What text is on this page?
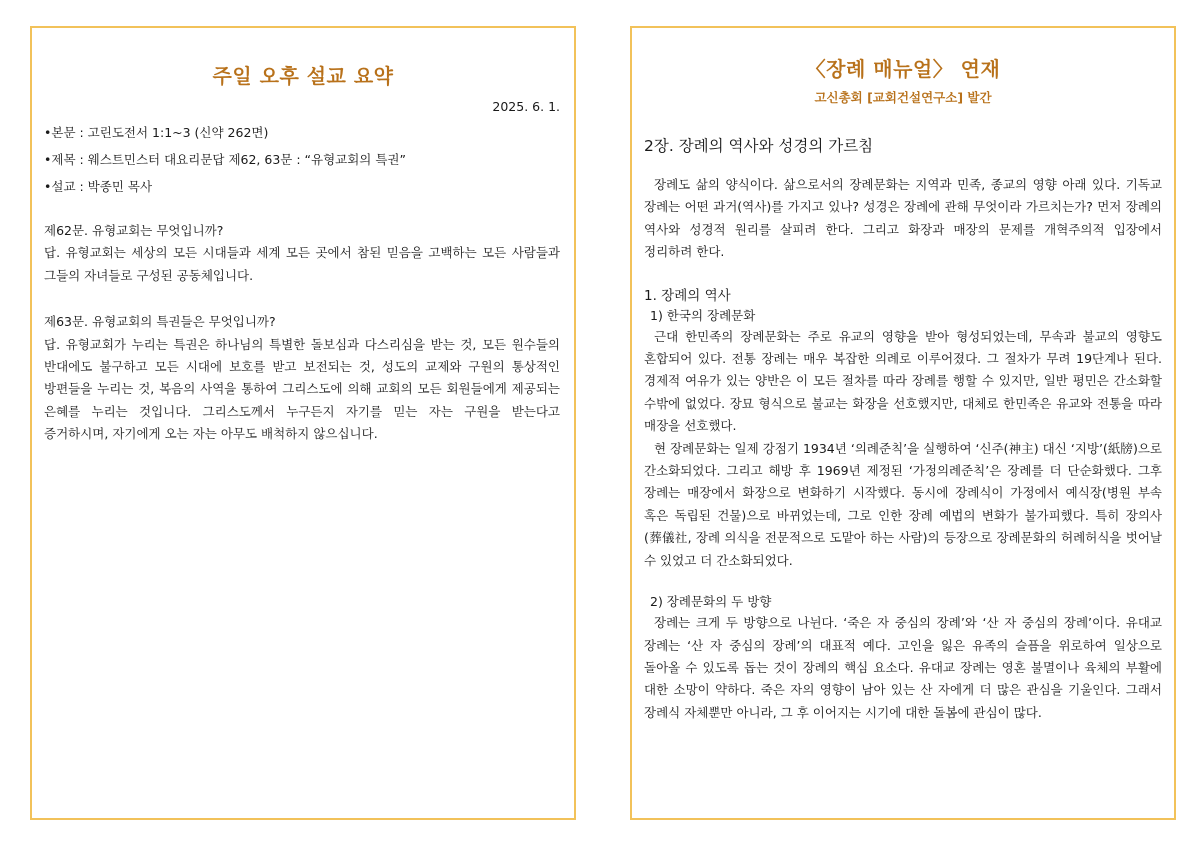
주일 오후 설교 요약
2025. 6. 1.
•본문 : 고린도전서 1:1~3 (신약 262면)
•제목 : 웨스트민스터 대요리문답 제62, 63문 : “유형교회의 특권”
•설교 : 박종민 목사

제62문. 유형교회는 무엇입니까?

답. 유형교회는 세상의 모든 시대들과 세계 모든 곳에서 참된 믿음을 고백하는 모든 사람들과 그들의 자녀들로 구성된 공동체입니다.

제63문. 유형교회의 특권들은 무엇입니까?

답. 유형교회가 누리는 특권은 하나님의 특별한 돌보심과 다스리심을 받는 것, 모든 원수들의 반대에도 불구하고 모든 시대에 보호를 받고 보전되는 것, 성도의 교제와 구원의 통상적인 방편들을 누리는 것, 복음의 사역을 통하여 그리스도에 의해 교회의 모든 회원들에게 제공되는 은혜를 누리는 것입니다. 그리스도께서 누구든지 자기를 믿는 자는 구원을 받는다고 증거하시며, 자기에게 오는 자는 아무도 배척하지 않으십니다.

〈장례 매뉴얼〉 연재
고신총회 [교회건설연구소] 발간
2장. 장례의 역사와 성경의 가르침

장례도 삶의 양식이다. 삶으로서의 장례문화는 지역과 민족, 종교의 영향 아래 있다. 기독교 장례는 어떤 과거(역사)를 가지고 있나? 성경은 장례에 관해 무엇이라 가르치는가? 먼저 장례의 역사와 성경적 원리를 살피려 한다. 그리고 화장과 매장의 문제를 개혁주의적 입장에서 정리하려 한다.

1. 장례의 역사
1) 한국의 장례문화

근대 한민족의 장례문화는 주로 유교의 영향을 받아 형성되었는데, 무속과 불교의 영향도 혼합되어 있다. 전통 장례는 매우 복잡한 의례로 이루어졌다. 그 절차가 무려 19단계나 된다. 경제적 여유가 있는 양반은 이 모든 절차를 따라 장례를 행할 수 있지만, 일반 평민은 간소화할 수밖에 없었다. 장묘 형식으로 불교는 화장을 선호했지만, 대체로 한민족은 유교와 전통을 따라 매장을 선호했다.

현 장례문화는 일제 강점기 1934년 ‘의례준칙’을 실행하여 ‘신주(神主) 대신 ‘지방’(紙牓)으로 간소화되었다. 그리고 해방 후 1969년 제정된 ‘가정의례준칙’은 장례를 더 단순화했다. 그후 장례는 매장에서 화장으로 변화하기 시작했다. 동시에 장례식이 가정에서 예식장(병원 부속 혹은 독립된 건물)으로 바뀌었는데, 그로 인한 장례 예법의 변화가 불가피했다. 특히 장의사(葬儀社, 장례 의식을 전문적으로 도맡아 하는 사람)의 등장으로 장례문화의 허례허식을 벗어날 수 있었고 더 간소화되었다.

2) 장례문화의 두 방향

장례는 크게 두 방향으로 나뉜다. ‘죽은 자 중심의 장례’와 ‘산 자 중심의 장례’이다. 유대교 장례는 ‘산 자 중심의 장례’의 대표적 예다. 고인을 잃은 유족의 슬픔을 위로하여 일상으로 돌아올 수 있도록 돕는 것이 장례의 핵심 요소다. 유대교 장례는 영혼 불멸이나 육체의 부활에 대한 소망이 약하다. 죽은 자의 영향이 남아 있는 산 자에게 더 많은 관심을 기울인다. 그래서 장례식 자체뿐만 아니라, 그 후 이어지는 시기에 대한 돌봄에 관심이 많다.
